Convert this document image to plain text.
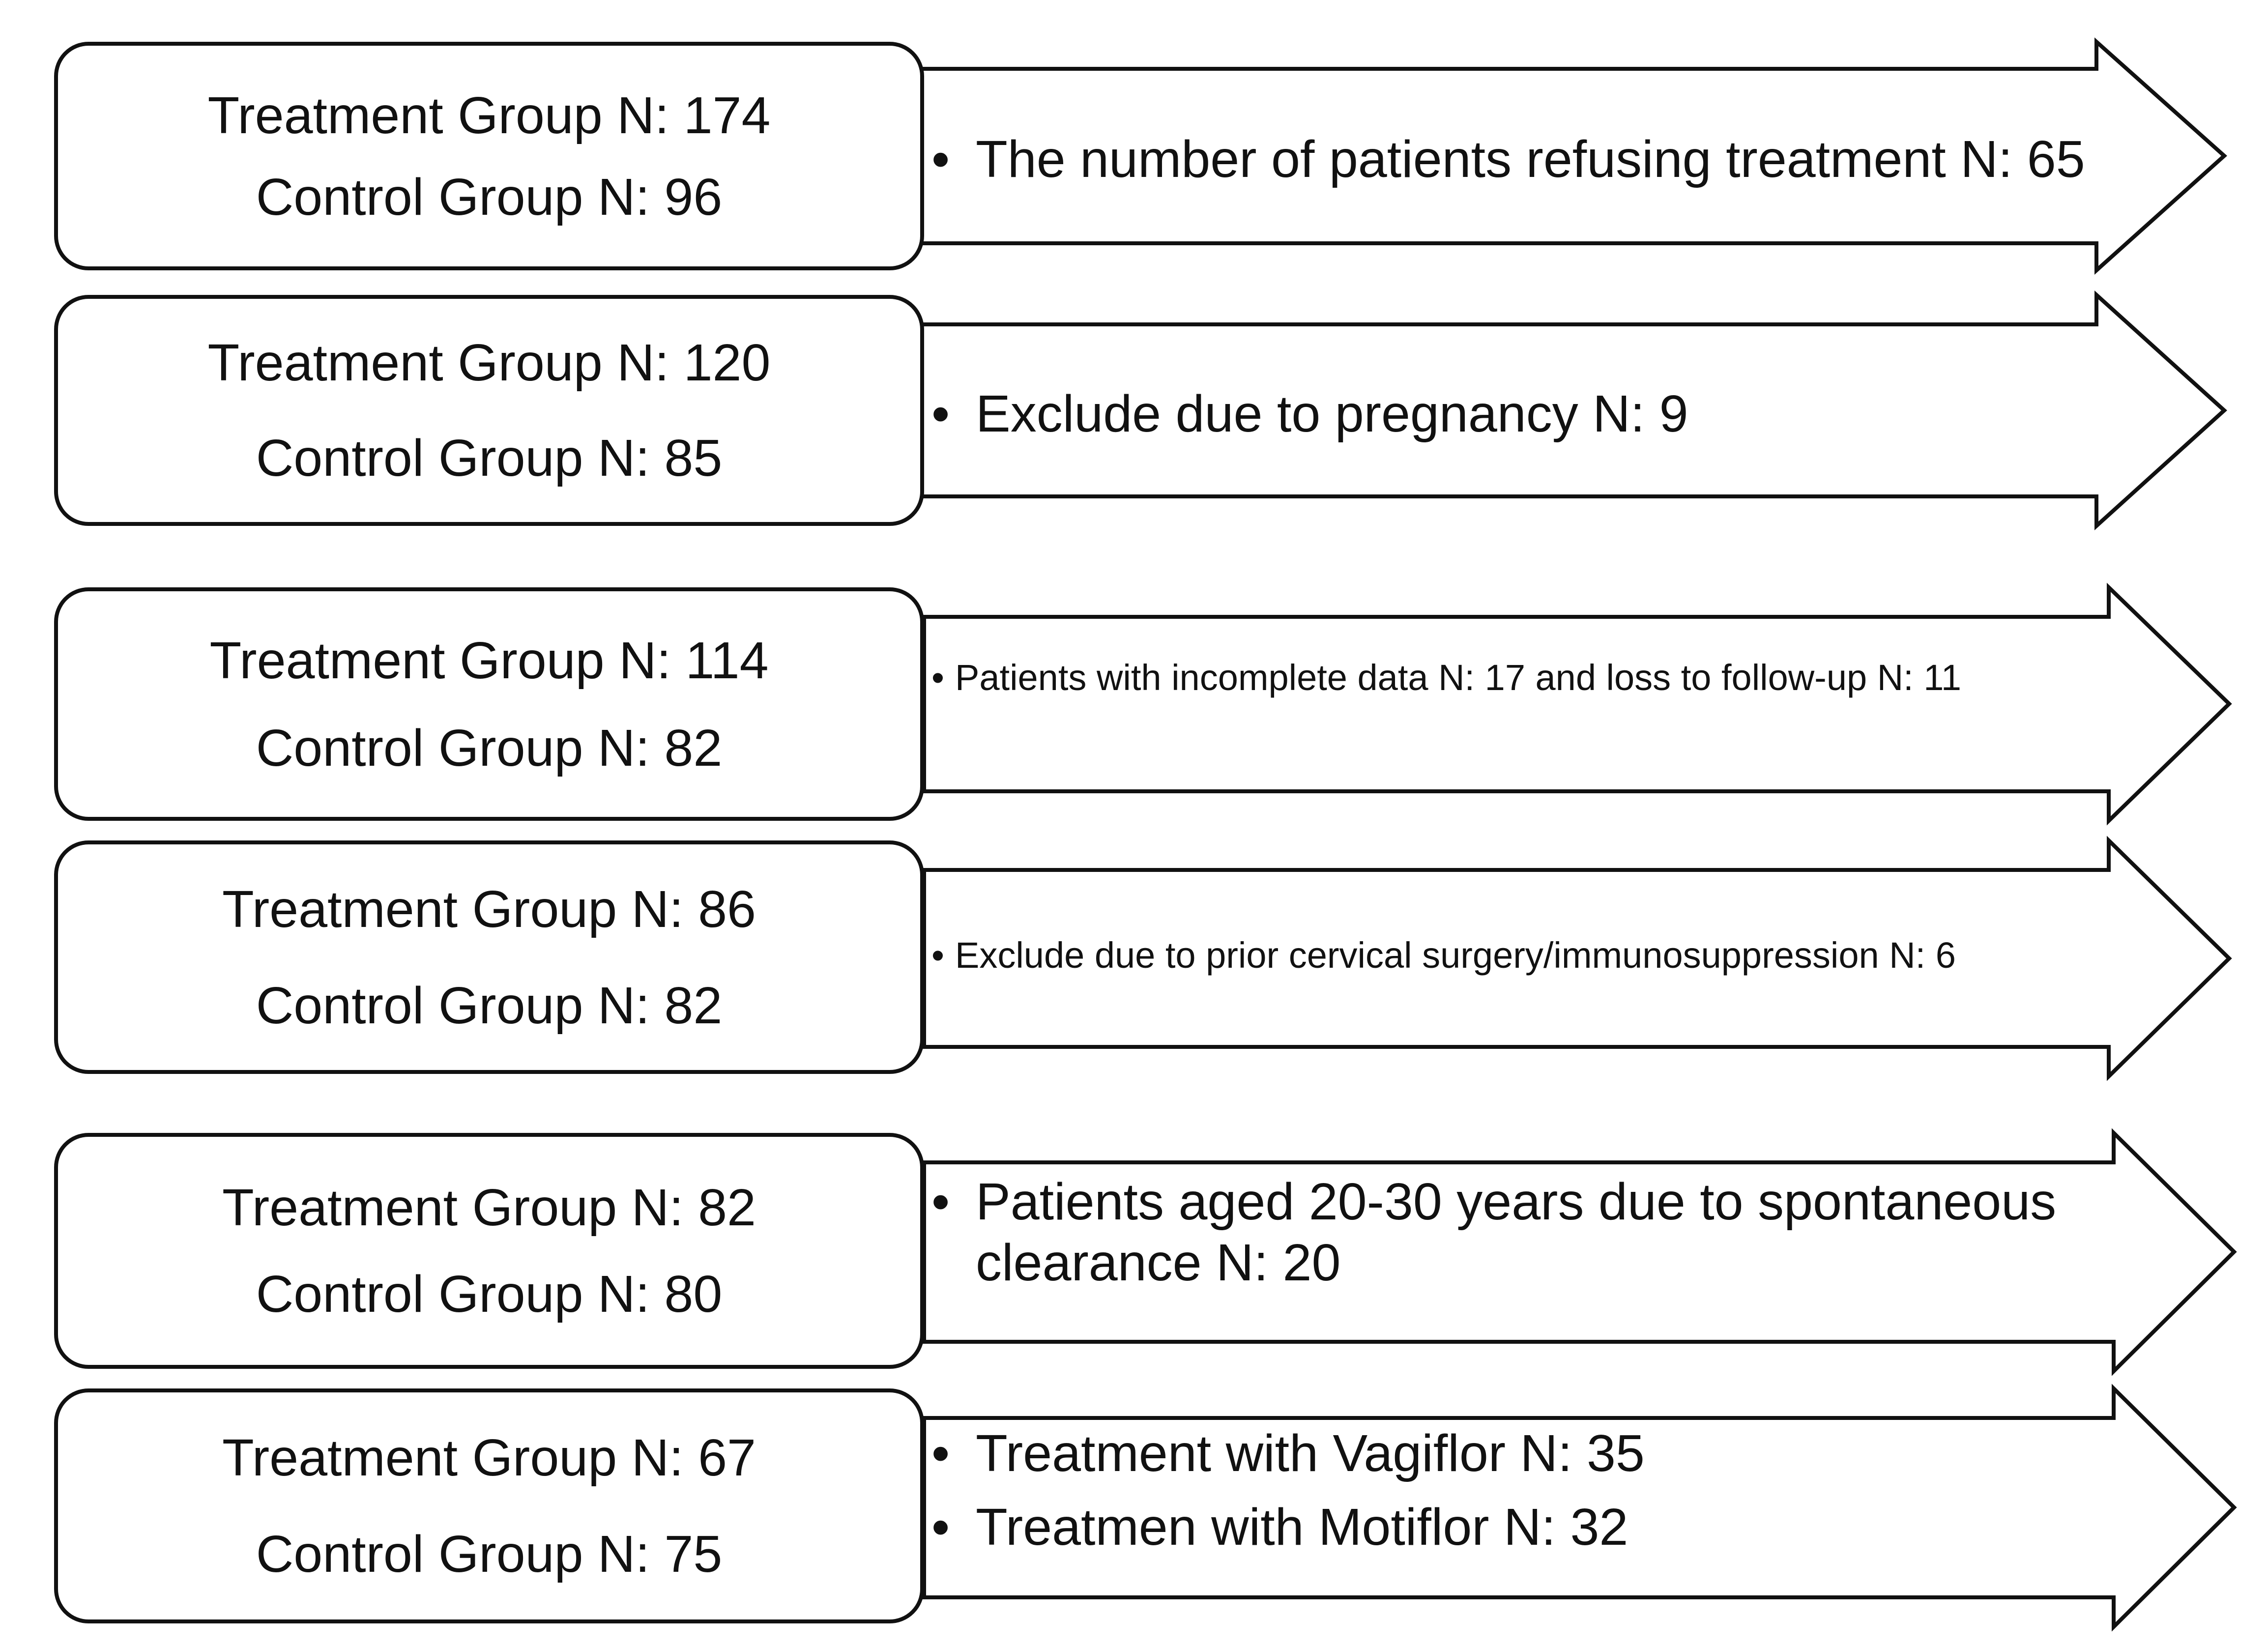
Treatment Group N: 174
Control Group N: 96
• The number of patients refusing treatment N: 65
Treatment Group N: 120
Control Group N: 85
• Exclude due to pregnancy N: 9
Treatment Group N: 114
Control Group N: 82
• Patients with incomplete data N: 17 and loss to follow-up N: 11
Treatment Group N: 86
Control Group N: 82
• Exclude due to prior cervical surgery/immunosuppression N: 6
Treatment Group N: 82
Control Group N: 80
• Patients aged 20-30 years due to spontaneous clearance N: 20
Treatment Group N: 67
Control Group N: 75
• Treatment with Vagiflor N: 35
• Treatmen with Motiflor N: 32
